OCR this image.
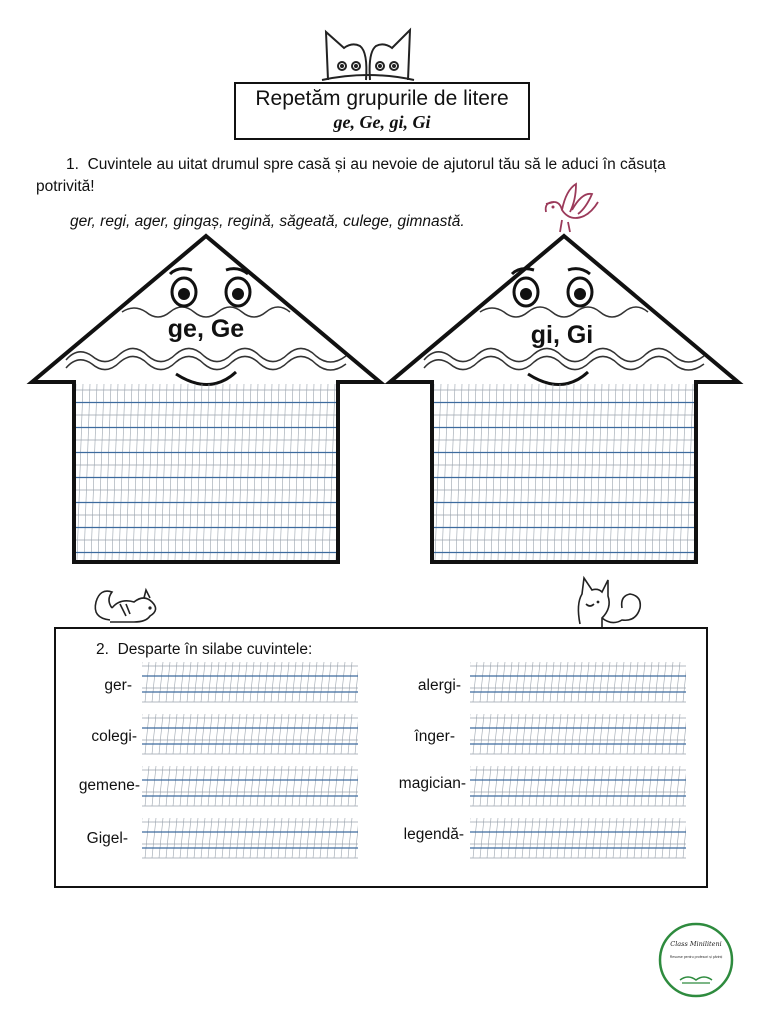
Repetăm grupurile de litere
ge, Ge, gi, Gi
1. Cuvintele au uitat drumul spre casă și au nevoie de ajutorul tău să le aduci în căsuța potrivită!
ger, regi, ager, gingaș, regină, săgeată, culege, gimnastă.
ge, Ge	gi, Gi
2. Desparte în silabe cuvintele:
ger-
colegi-
gemene-
Gigel-
alergi-
înger-
magician-
legendă-
Class Miniliteni
Resurse pentru profesori și părinți
